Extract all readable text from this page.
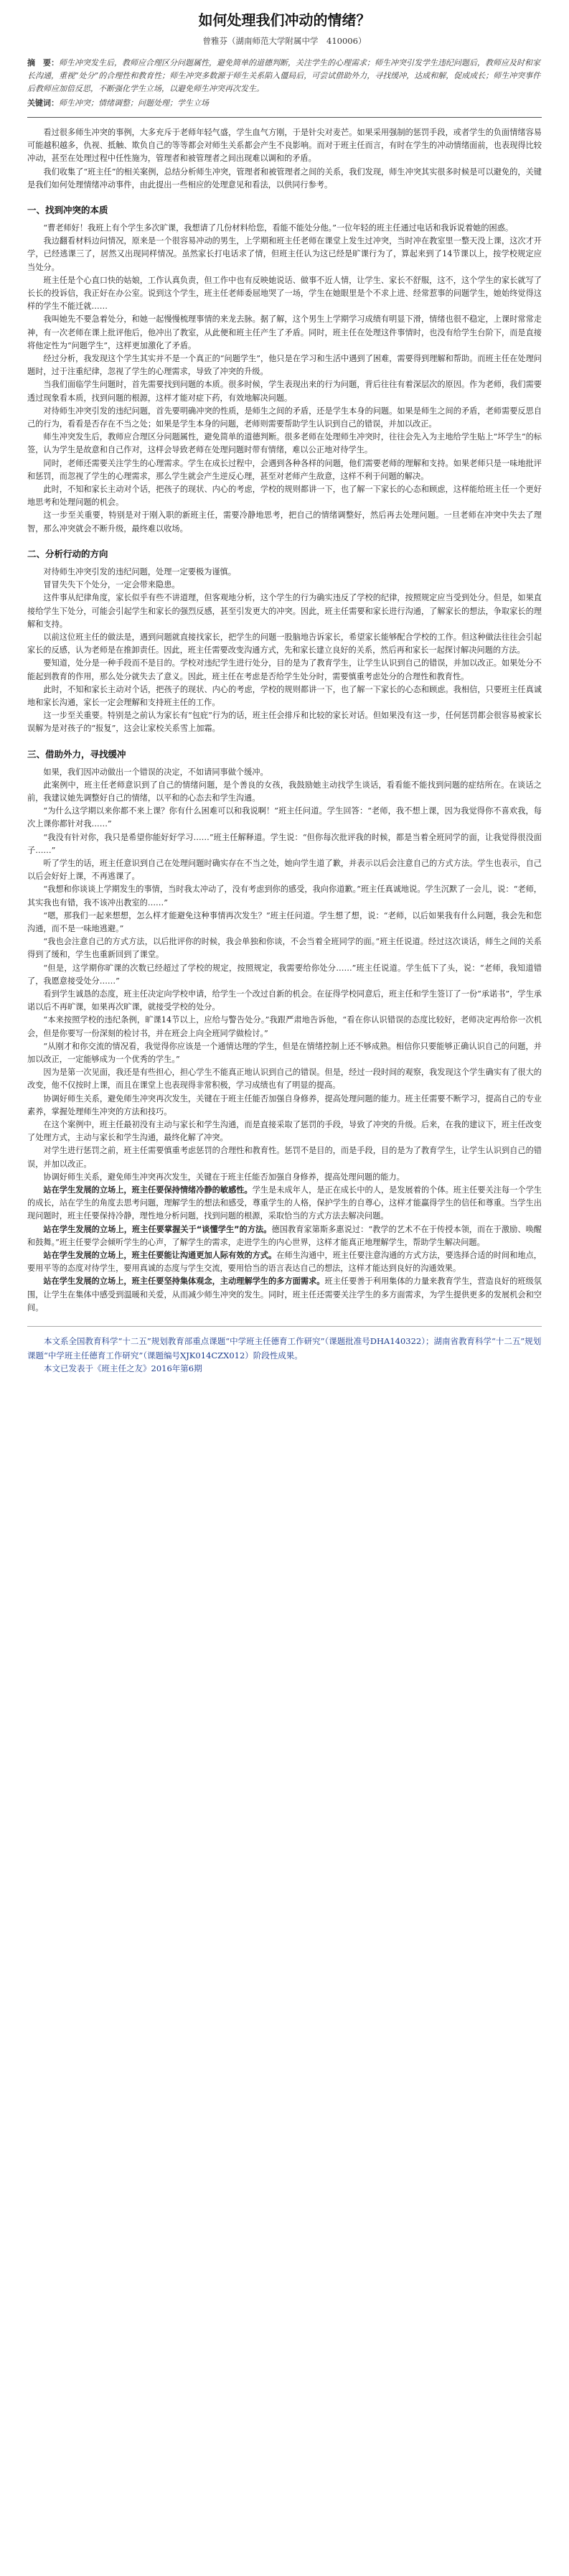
如何处理我们冲动的情绪？
曾雅芬（湖南师范大学附属中学　410006）

摘　要：师生冲突发生后，教师应合理区分问题属性，避免简单的道德判断，关注学生的心理需求；师生冲突引发学生违纪问题后，教师应及时和家长沟通，重视“处分”的合理性和教育性；师生冲突多数源于师生关系陷入僵局后，可尝试借助外力，寻找缓冲，达成和解，促成成长；师生冲突事件后教师应加倍反思，不断强化学生立场，以避免师生冲突再次发生。

关键词：师生冲突；情绪调整；问题处理；学生立场

看过很多师生冲突的事例，大多充斥于老师年轻气盛，学生血气方刚，于是针尖对麦芒。如果采用强制的惩罚手段，或者学生的负面情绪容易可能越积越多，仇视、抵触、欺负自己的等等都会对师生关系都会产生不良影响。而对于班主任而言，有时在学生的冲动情绪面前，也表现得比较冲动，甚至在处理过程中任性施为，管理者和被管理者之间出现难以调和的矛盾。

我们收集了“班主任”的相关案例，总结分析师生冲突，管理者和被管理者之间的关系，我们发现，师生冲突其实很多时候是可以避免的，关键是我们如何处理情绪冲动事件，由此提出一些相应的处理意见和看法，以供同行参考。

一、找到冲突的本质

“曹老师好！我班上有个学生多次旷课，我想请了几份材料给您，看能不能处分他。”一位年轻的班主任通过电话和我诉说着她的困惑。

我边翻看材料边问情况，原来是一个很容易冲动的男生，上学期和班主任老师在课堂上发生过冲突，当时冲在教室里一整天没上课，这次才开学，已经逃课三了，居然又出现同样情况。虽然家长打电话求了情，但班主任认为这已经是旷课行为了，算起来到了14节课以上，按学校规定应当处分。

班主任是个心直口快的姑娘，工作认真负责，但工作中也有反映她说话、做事不近人情，让学生、家长不舒服，这不，这个学生的家长就写了长长的投诉信，我正好在办公室。说到这个学生，班主任老师委屈地哭了一场，学生在她眼里是个不求上进、经常惹事的问题学生，她始终觉得这样的学生不能迁就……

我叫她先不要急着处分，和她一起慢慢梳理事情的来龙去脉。据了解，这个男生上学期学习成绩有明显下滑，情绪也很不稳定，上课时常常走神，有一次老师在课上批评他后，他冲出了教室，从此便和班主任产生了矛盾。同时，班主任在处理这件事情时，也没有给学生台阶下，而是直接将他定性为“问题学生”，这样更加激化了矛盾。

经过分析，我发现这个学生其实并不是一个真正的“问题学生”，他只是在学习和生活中遇到了困难，需要得到理解和帮助。而班主任在处理问题时，过于注重纪律，忽视了学生的心理需求，导致了冲突的升级。

当我们面临学生问题时，首先需要找到问题的本质。很多时候，学生表现出来的行为问题，背后往往有着深层次的原因。作为老师，我们需要透过现象看本质，找到问题的根源，这样才能对症下药，有效地解决问题。

对待师生冲突引发的违纪问题，首先要明确冲突的性质，是师生之间的矛盾，还是学生本身的问题。如果是师生之间的矛盾，老师需要反思自己的行为，看看是否存在不当之处；如果是学生本身的问题，老师则需要帮助学生认识到自己的错误，并加以改正。

师生冲突发生后，教师应合理区分问题属性，避免简单的道德判断。很多老师在处理师生冲突时，往往会先入为主地给学生贴上“坏学生”的标签，认为学生是故意和自己作对，这样会导致老师在处理问题时带有情绪，难以公正地对待学生。

同时，老师还需要关注学生的心理需求。学生在成长过程中，会遇到各种各样的问题，他们需要老师的理解和支持。如果老师只是一味地批评和惩罚，而忽视了学生的心理需求，那么学生就会产生逆反心理，甚至对老师产生敌意，这样不利于问题的解决。

此时，不知和家长主动对个话，把孩子的现状、内心的考虑，学校的规则都讲一下，也了解一下家长的心态和顾虑，这样能给班主任一个更好地思考和处理问题的机会。

这一步至关重要，特别是对于刚入职的新班主任，需要冷静地思考，把自己的情绪调整好，然后再去处理问题。一旦老师在冲突中失去了理智，那么冲突就会不断升级，最终难以收场。

二、分析行动的方向

对待师生冲突引发的违纪问题，处理一定要极为谨慎。

冒冒失失下个处分，一定会带来隐患。

这件事从纪律角度，家长似乎有些不讲道理，但客观地分析，这个学生的行为确实违反了学校的纪律，按照规定应当受到处分。但是，如果直接给学生下处分，可能会引起学生和家长的强烈反感，甚至引发更大的冲突。因此，班主任需要和家长进行沟通，了解家长的想法，争取家长的理解和支持。

以前这位班主任的做法是，遇到问题就直接找家长，把学生的问题一股脑地告诉家长，希望家长能够配合学校的工作。但这种做法往往会引起家长的反感，认为老师是在推卸责任。因此，班主任需要改变沟通方式，先和家长建立良好的关系，然后再和家长一起探讨解决问题的方法。

要知道，处分是一种手段而不是目的。学校对违纪学生进行处分，目的是为了教育学生，让学生认识到自己的错误，并加以改正。如果处分不能起到教育的作用，那么处分就失去了意义。因此，班主任在考虑是否给学生处分时，需要慎重考虑处分的合理性和教育性。

此时，不知和家长主动对个话，把孩子的现状、内心的考虑，学校的规则都讲一下，也了解一下家长的心态和顾虑。我相信，只要班主任真诚地和家长沟通，家长一定会理解和支持班主任的工作。

这一步至关重要。特别是之前认为家长有“包庇”行为的话，班主任会排斥和比较的家长对话。但如果没有这一步，任何惩罚都会很容易被家长误解为是对孩子的“报复”，这会让家校关系雪上加霜。

三、借助外力，寻找缓冲

如果，我们因冲动做出一个错误的决定，不如请同事做个缓冲。

此案例中，班主任老师意识到了自己的情绪问题，是个善良的女孩，我鼓励她主动找学生谈话，看看能不能找到问题的症结所在。在谈话之前，我建议她先调整好自己的情绪，以平和的心态去和学生沟通。

“为什么这学期以来你都不来上课？你有什么困难可以和我说啊！”班主任问道。学生回答：“老师，我不想上课，因为我觉得你不喜欢我，每次上课你都针对我……”

“我没有针对你，我只是希望你能好好学习……”班主任解释道。学生说：“但你每次批评我的时候，都是当着全班同学的面，让我觉得很没面子……”

听了学生的话，班主任意识到自己在处理问题时确实存在不当之处，她向学生道了歉，并表示以后会注意自己的方式方法。学生也表示，自己以后会好好上课，不再逃课了。

“我想和你谈谈上学期发生的事情，当时我太冲动了，没有考虑到你的感受，我向你道歉。”班主任真诚地说。学生沉默了一会儿，说：“老师，其实我也有错，我不该冲出教室的……”

“嗯，那我们一起来想想，怎么样才能避免这种事情再次发生？”班主任问道。学生想了想，说：“老师，以后如果我有什么问题，我会先和您沟通，而不是一味地逃避。”

“我也会注意自己的方式方法，以后批评你的时候，我会单独和你谈，不会当着全班同学的面。”班主任说道。经过这次谈话，师生之间的关系得到了缓和，学生也重新回到了课堂。

“但是，这学期你旷课的次数已经超过了学校的规定，按照规定，我需要给你处分……”班主任说道。学生低下了头，说：“老师，我知道错了，我愿意接受处分……”

看到学生诚恳的态度，班主任决定向学校申请，给学生一个改过自新的机会。在征得学校同意后，班主任和学生签订了一份“承诺书”，学生承诺以后不再旷课，如果再次旷课，就接受学校的处分。

“本来按照学校的违纪条例，旷课14节以上，应给与警告处分。”我跟严肃地告诉他，“看在你认识错误的态度比较好，老师决定再给你一次机会，但是你要写一份深刻的检讨书，并在班会上向全班同学做检讨。”

“从刚才和你交流的情况看，我觉得你应该是一个通情达理的学生，但是在情绪控制上还不够成熟。相信你只要能够正确认识自己的问题，并加以改正，一定能够成为一个优秀的学生。”

因为是第一次见面，我还是有些担心，担心学生不能真正地认识到自己的错误。但是，经过一段时间的观察，我发现这个学生确实有了很大的改变，他不仅按时上课，而且在课堂上也表现得非常积极，学习成绩也有了明显的提高。

协调好师生关系，避免师生冲突再次发生，关键在于班主任能否加强自身修养，提高处理问题的能力。班主任需要不断学习，提高自己的专业素养，掌握处理师生冲突的方法和技巧。

在这个案例中，班主任最初没有主动与家长和学生沟通，而是直接采取了惩罚的手段，导致了冲突的升级。后来，在我的建议下，班主任改变了处理方式，主动与家长和学生沟通，最终化解了冲突。

对学生进行惩罚之前，班主任需要慎重考虑惩罚的合理性和教育性。惩罚不是目的，而是手段，目的是为了教育学生，让学生认识到自己的错误，并加以改正。

协调好师生关系，避免师生冲突再次发生，关键在于班主任能否加强自身修养，提高处理问题的能力。

站在学生发展的立场上，班主任要保持情绪冷静的敏感性。学生是未成年人，是正在成长中的人，是发展着的个体。班主任要关注每一个学生的成长，站在学生的角度去思考问题，理解学生的想法和感受，尊重学生的人格，保护学生的自尊心，这样才能赢得学生的信任和尊重。当学生出现问题时，班主任要保持冷静，理性地分析问题，找到问题的根源，采取恰当的方式方法去解决问题。

站在学生发展的立场上，班主任要掌握关于“谈懂学生”的方法。德国教育家第斯多惠说过：“教学的艺术不在于传授本领，而在于激励、唤醒和鼓舞。”班主任要学会倾听学生的心声，了解学生的需求，走进学生的内心世界，这样才能真正地理解学生，帮助学生解决问题。

站在学生发展的立场上，班主任要能让沟通更加人际有效的方式。在师生沟通中，班主任要注意沟通的方式方法，要选择合适的时间和地点，要用平等的态度对待学生，要用真诚的态度与学生交流，要用恰当的语言表达自己的想法，这样才能达到良好的沟通效果。

站在学生发展的立场上，班主任要坚持集体观念，主动理解学生的多方面需求。班主任要善于利用集体的力量来教育学生，营造良好的班级氛围，让学生在集体中感受到温暖和关爱，从而减少师生冲突的发生。同时，班主任还需要关注学生的多方面需求，为学生提供更多的发展机会和空间。

本文系全国教育科学“十二五”规划教育部重点课题“中学班主任德育工作研究”（课题批准号DHA140322）；湖南省教育科学“十二五”规划课题“中学班主任德育工作研究”（课题编号XJK014CZX012）阶段性成果。

本文已发表于《班主任之友》2016年第6期
